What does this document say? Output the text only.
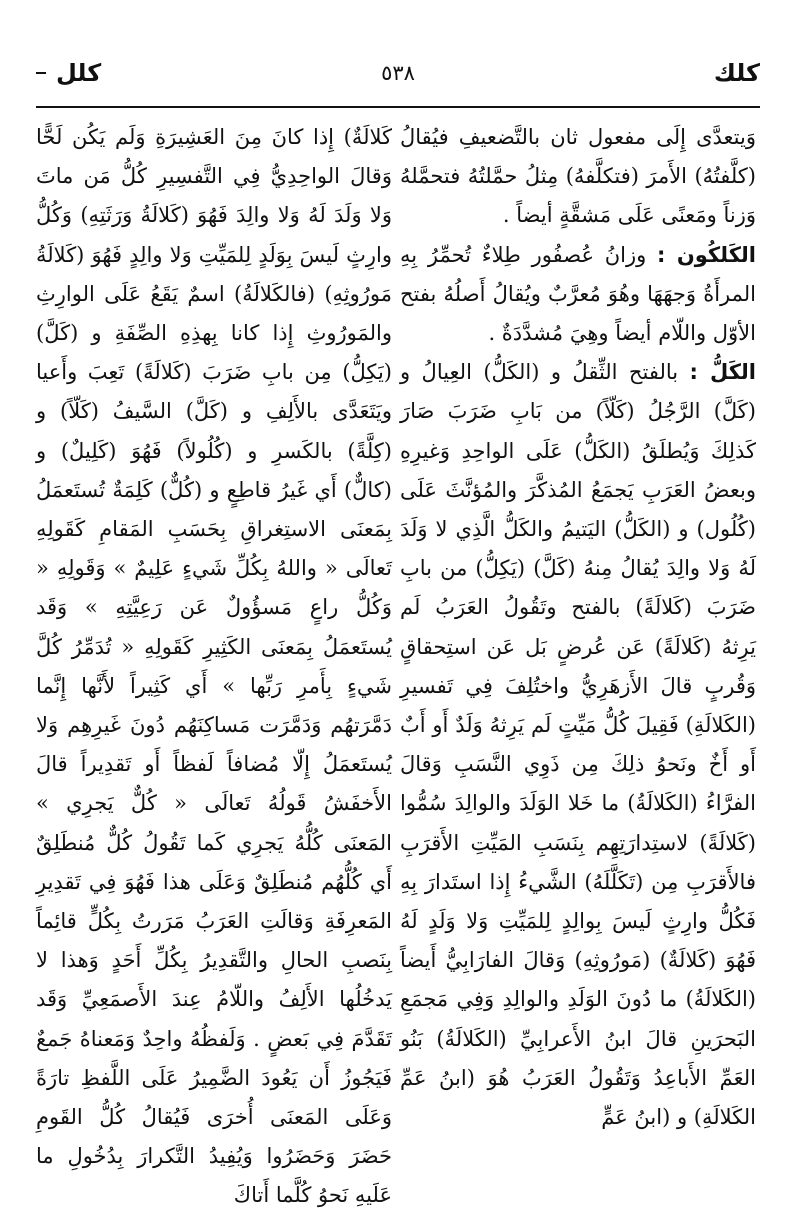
كلك
٥٣٨
كلل

وَيتعدَّى إِلَى مفعول ثان بالتَّضعيفِ فيُقالُ (كلَّفتُهُ) الأَمرَ (فتكلَّفهُ) مِثلُ حمَّلتُهُ فتحمَّلهُ وَزناً ومَعنًى عَلَى مَشقَّةٍ أيضاً .

الكَلكُون : وزانُ عُصفُور طِلاءٌ تُحمِّرُ بِهِ المرأَةُ وَجهَهَا وهُوَ مُعرَّبٌ ويُقالُ أَصلُهُ بفتح الأوّل واللّام أيضاً وهِيَ مُشدَّدَةٌ .

الكَلُّ : بالفتح الثِّقلُ و (الكَلُّ) العِيالُ و (كَلَّ) الرَّجُلُ (كَلّاً) من بَابِ ضَرَبَ صَارَ كَذلِكَ وَيُطلَقُ (الكَلُّ) عَلَى الواحِدِ وَغيرِهِ وبعضُ العَرَبِ يَجمَعُ المُذكَّرَ والمُؤنَّثَ عَلَى (كُلُول) و (الكَلُّ) اليَتيمُ والكَلُّ الَّذِي لا وَلَدَ لَهُ وَلا والِدَ يُقالُ مِنهُ (كَلَّ) (يَكِلُّ) من بابِ ضَرَبَ (كَلالَةً) بالفتح وتَقُولُ العَرَبُ لَم يَرِثهُ (كَلالَةً) عَن عُرضٍ بَل عَن استِحقاقٍ وَقُربٍ قالَ الأَزهَرِيُّ واختُلِفَ فِي تَفسيرِ (الكَلالَةِ) فَقِيلَ كُلُّ مَيِّتٍ لَم يَرِثهُ وَلَدٌ أَو أَبٌ أَو أَخٌ ونَحوُ ذلِكَ مِن ذَوِي النَّسَبِ وَقالَ الفرَّاءُ (الكَلالَةُ) ما خَلا الوَلَدَ والوالِدَ سُمُّوا (كَلالَةً) لاستِدارَتِهِم بِنَسَبِ المَيِّتِ الأَقرَبِ فالأَقرَبِ مِن (تَكَلَّلَهُ) الشَّيءُ إِذا استَدارَ بِهِ فَكُلُّ وارِثٍ لَيسَ بِوالِدٍ لِلمَيِّتِ وَلا وَلَدٍ لَهُ فَهُوَ (كَلالَةٌ) (مَورُوثِهِ) وَقالَ الفارَابِيُّ أَيضاً (الكَلالَةُ) ما دُونَ الوَلَدِ والوالِدِ وَفِي مَجمَعِ البَحرَينِ قالَ ابنُ الأَعرابِيِّ (الكَلالَةُ) بَنُو العَمِّ الأَباعِدُ وَتَقُولُ العَرَبُ هُوَ (ابنُ عَمِّ الكَلالَةِ) و (ابنُ عَمٍّ

كَلالَةٌ) إِذا كانَ مِنَ العَشِيرَةِ وَلَم يَكُن لَحًّا وَقالَ الواحِدِيُّ فِي التَّفسِيرِ كُلُّ مَن ماتَ وَلا وَلَدَ لَهُ وَلا والِدَ فَهُوَ (كَلالَةُ وَرَثَتِهِ) وَكُلُّ وارِثٍ لَيسَ بِوَلَدٍ لِلمَيِّتِ وَلا والِدٍ فَهُوَ (كَلالَةُ مَورُوثِهِ) (فالكَلالَةُ) اسمٌ يَقَعُ عَلَى الوارِثِ والمَورُوثِ إِذا كانا بِهذِهِ الصِّفَةِ و (كَلَّ) (يَكِلُّ) مِن بابِ ضَرَبَ (كَلالَةً) تَعِبَ وأَعيا ويَتَعَدَّى بالأَلِفِ و (كَلَّ) السَّيفُ (كَلّاً) و (كِلَّةً) بالكَسرِ و (كُلُولاً) فَهُوَ (كَلِيلٌ) و (كالٌّ) أَي غَيرُ قاطِعٍ و (كُلٌّ) كَلِمَةٌ تُستَعمَلُ بِمَعنَى الاستِغراقِ بِحَسَبِ المَقامِ كَقَولِهِ تَعالَى « واللهُ بِكُلِّ شَيءٍ عَلِيمٌ » وَقَولِهِ « وَكُلُّ راعٍ مَسؤُولٌ عَن رَعِيَّتِهِ » وَقَد يُستَعمَلُ بِمَعنَى الكَثِيرِ كَقَولِهِ « تُدَمِّرُ كُلَّ شَيءٍ بِأَمرِ رَبِّها » أَي كَثِيراً لأَنَّها إِنَّما دَمَّرَتهُم وَدَمَّرَت مَساكِنَهُم دُونَ غَيرِهِم وَلا يُستَعمَلُ إِلّا مُضافاً لَفظاً أَو تَقدِيراً قالَ الأَخفَشُ قَولُهُ تَعالَى « كُلٌّ يَجرِي » المَعنَى كُلُّهُ يَجرِي كَما تَقُولُ كُلٌّ مُنطَلِقٌ أَي كُلُّهُم مُنطَلِقٌ وَعَلَى هذا فَهُوَ فِي تَقدِيرِ المَعرِفَةِ وَقالَتِ العَرَبُ مَرَرتُ بِكُلٍّ قائِماً بِنَصبِ الحالِ والتَّقدِيرُ بِكُلِّ أَحَدٍ وَهذا لا يَدخُلُها الأَلِفُ واللّامُ عِندَ الأَصمَعِيِّ وَقَد تَقَدَّمَ فِي بَعضٍ . وَلَفظُهُ واحِدٌ وَمَعناهُ جَمعٌ فَيَجُوزُ أَن يَعُودَ الضَّمِيرُ عَلَى اللَّفظِ تارَةً وَعَلَى المَعنَى أُخرَى فَيُقالُ كُلُّ القَومِ حَضَرَ وَحَضَرُوا وَيُفِيدُ التَّكرارَ بِدُخُولِ ما عَلَيهِ نَحوُ كُلَّما أَتاكَ
